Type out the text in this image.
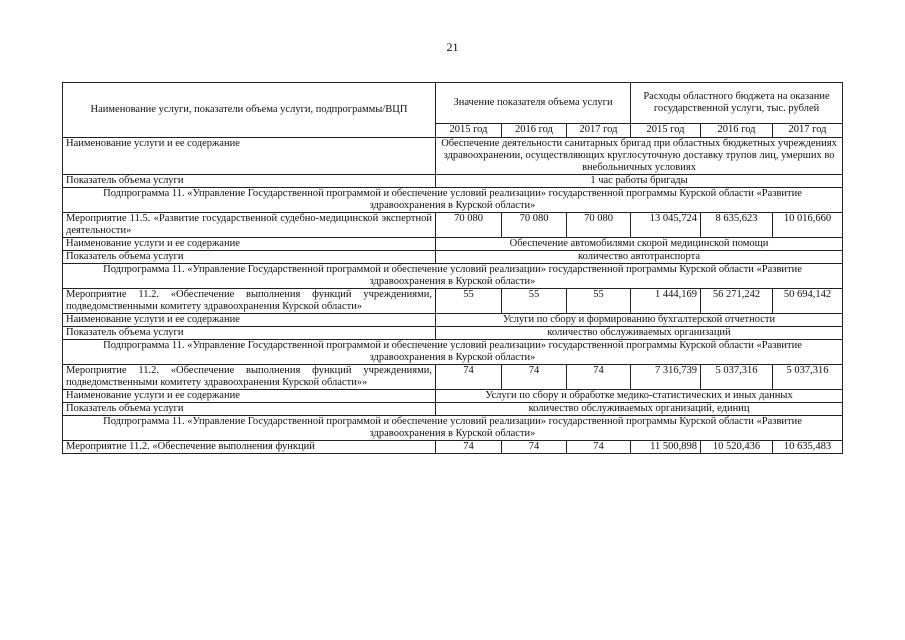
21
Наименование услуги, показатели объема услуги, подпрограммы/ВЦП	Значение показателя объема услуги			Расходы областного бюджета на оказание государственной услуги, тыс. рублей		
	2015 год	2016 год	2017 год	2015 год	2016 год	2017 год
Наименование услуги и ее содержание	Обеспечение деятельности санитарных бригад при областных бюджетных учреждениях здравоохранении, осуществляющих круглосуточную доставку трупов лиц, умерших во внебольничных условиях					
Показатель объема услуги	1 час работы бригады					
Подпрограмма 11. «Управление Государственной программой и обеспечение условий реализации» государственной программы Курской области «Развитие здравоохранения в Курской области»						
Мероприятие 11.5. «Развитие государственной судебно-медицинской экспертной деятельности»	70 080	70 080	70 080	13 045,724	8 635,623	10 016,660
Наименование услуги и ее содержание	Обеспечение автомобилями скорой медицинской помощи					
Показатель объема услуги	количество автотранспорта					
Подпрограмма 11. «Управление Государственной программой и обеспечение условий реализации» государственной программы Курской области «Развитие здравоохранения в Курской области»						
Мероприятие 11.2. «Обеспечение выполнения функций учреждениями, подведомственными комитету здравоохранения Курской области»	55	55	55	1 444,169	56 271,242	50 694,142
Наименование услуги и ее содержание	Услуги по сбору и формированию бухгалтерской отчетности					
Показатель объема услуги	количество обслуживаемых организаций					
Подпрограмма 11. «Управление Государственной программой и обеспечение условий реализации» государственной программы Курской области «Развитие здравоохранения в Курской области»						
Мероприятие 11.2. «Обеспечение выполнения функций учреждениями, подведомственными комитету здравоохранения Курской области»»	74	74	74	7 316,739	5 037,316	5 037,316
Наименование услуги и ее содержание	Услуги по сбору и обработке медико-статистических и иных данных					
Показатель объема услуги	количество обслуживаемых организаций, единиц					
Подпрограмма 11. «Управление Государственной программой и обеспечение условий реализации» государственной программы Курской области «Развитие здравоохранения в Курской области»						
Мероприятие 11.2. «Обеспечение выполнения функций	74	74	74	11 500,898	10 520,436	10 635,483
